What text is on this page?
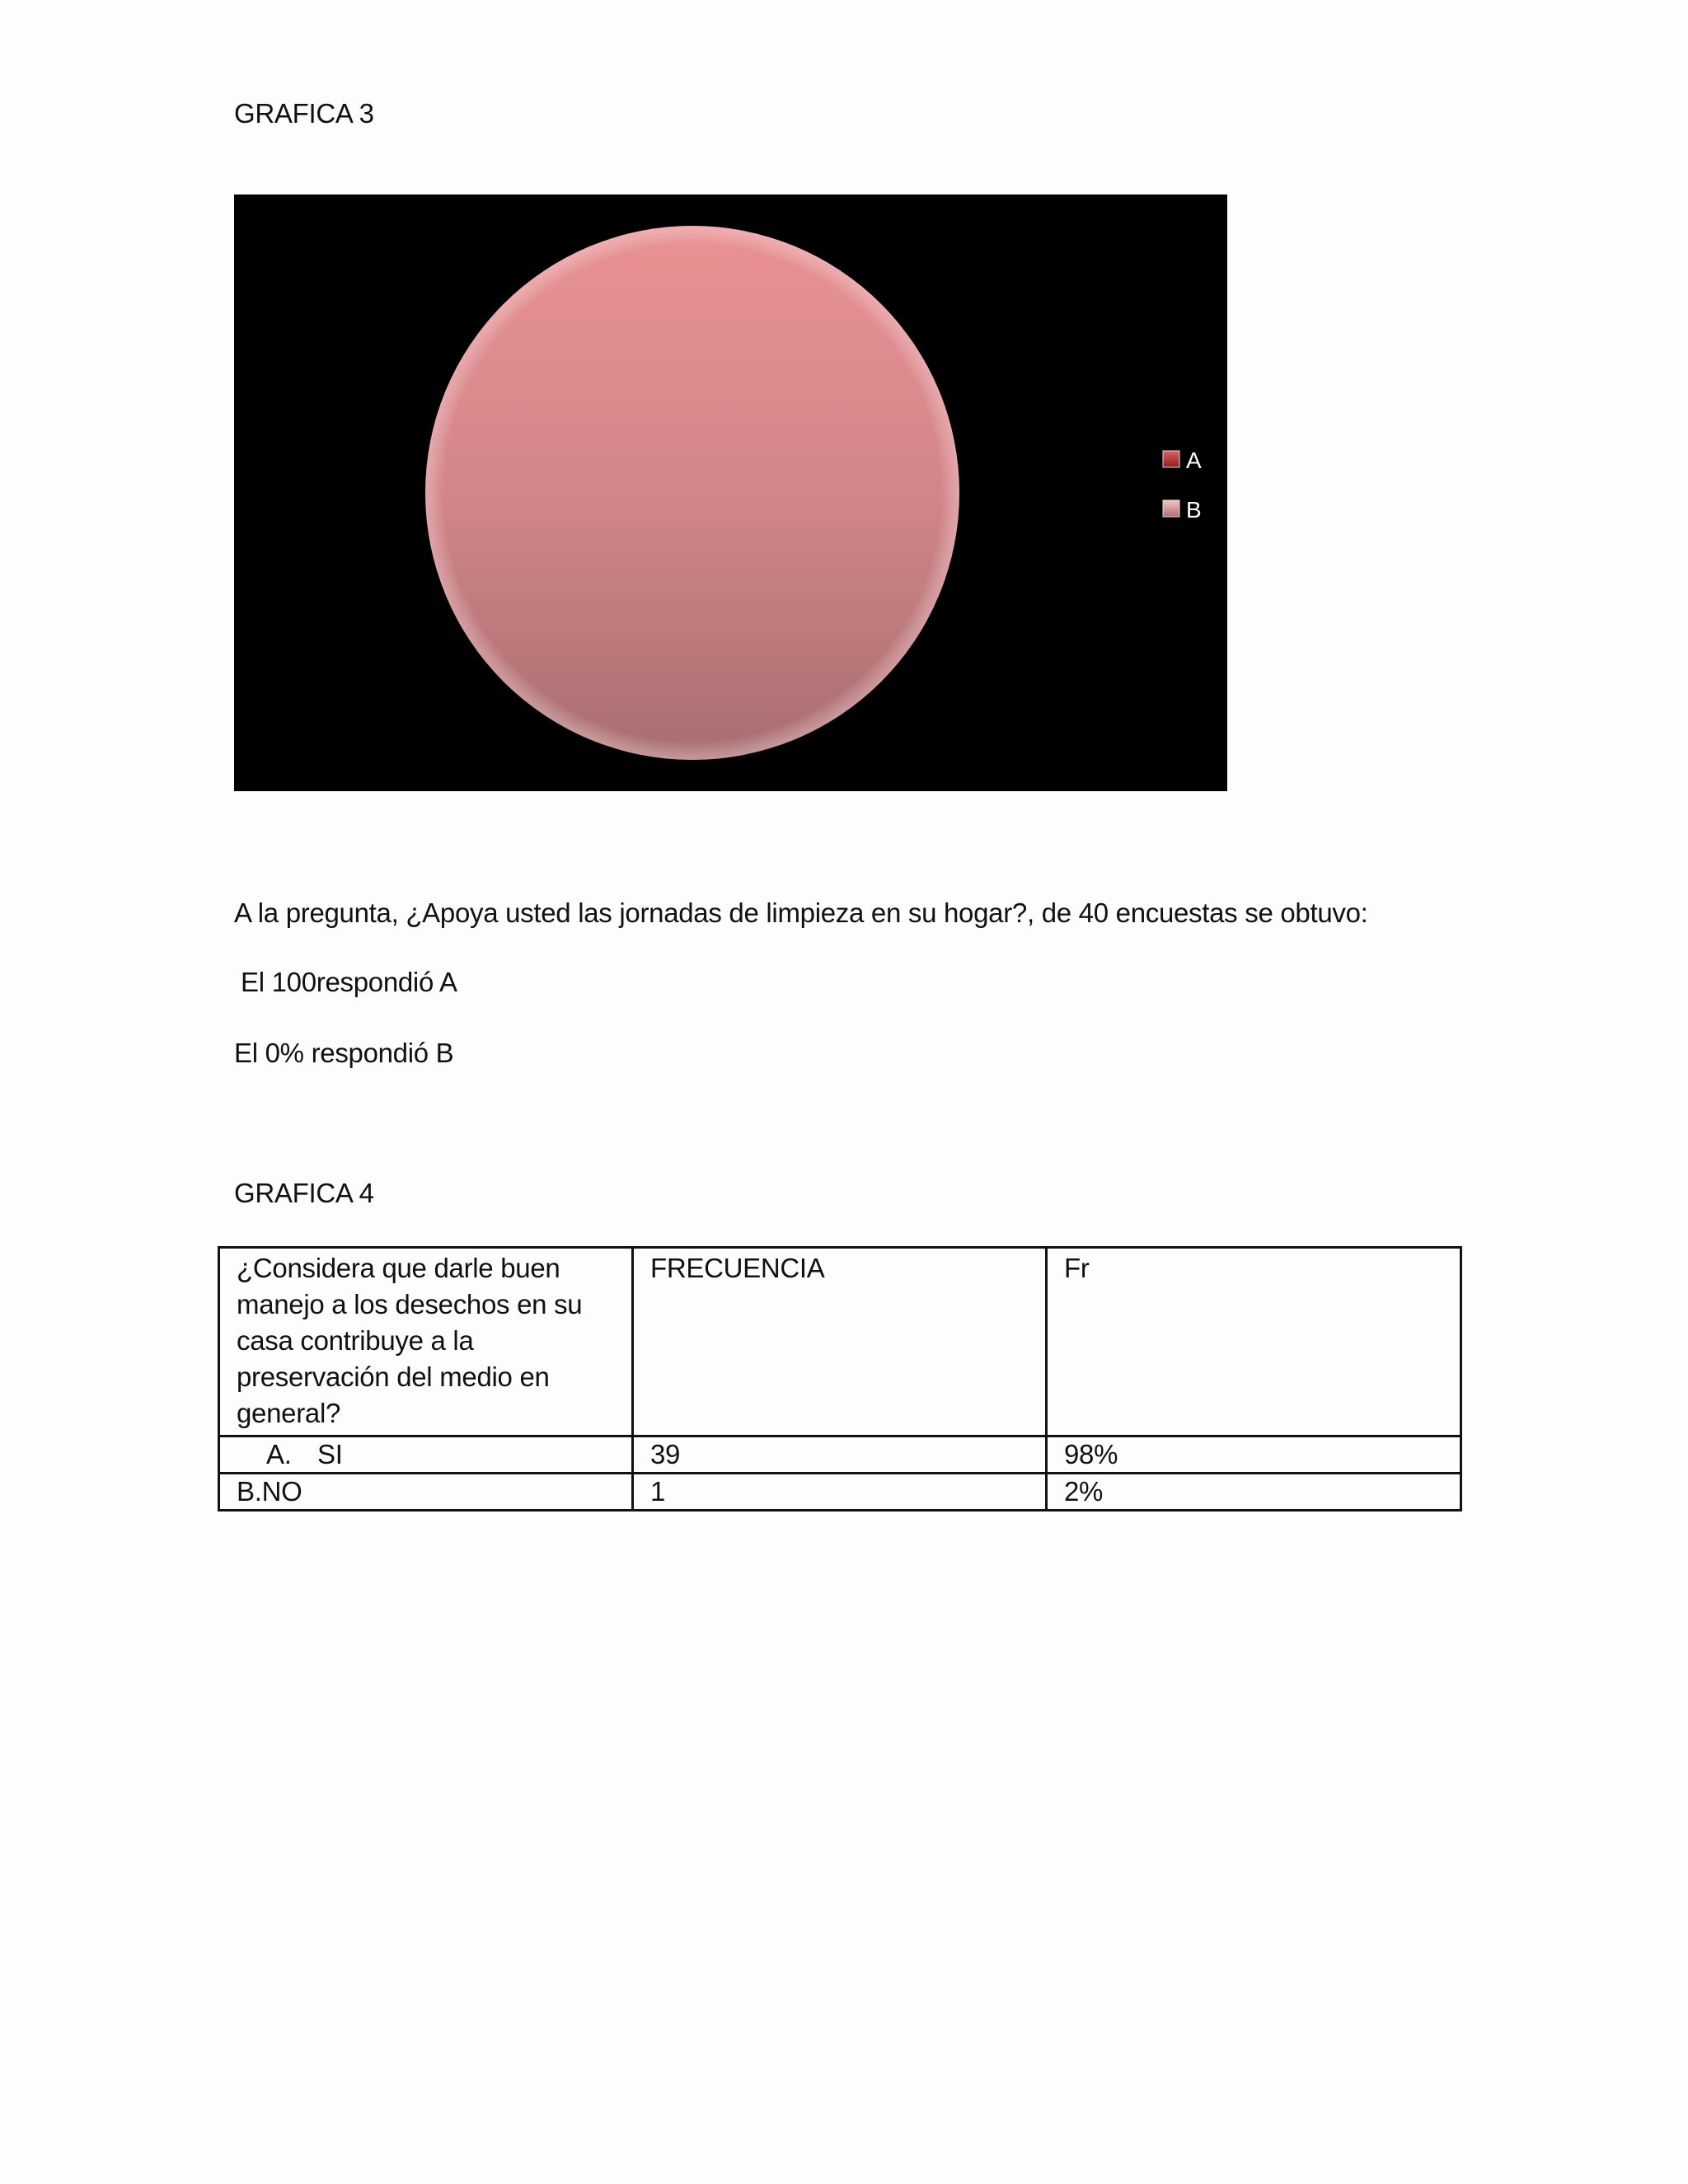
GRAFICA 3
A
B
A la pregunta, ¿Apoya usted las jornadas de limpieza en su hogar?, de 40 encuestas se obtuvo:
El 100respondió A
El 0% respondió B
GRAFICA 4
¿Considera que darle buen manejo a los desechos en su casa contribuye a la preservación del medio en general?	FRECUENCIA	Fr
A. SI	39	98%
B.NO	1	2%
